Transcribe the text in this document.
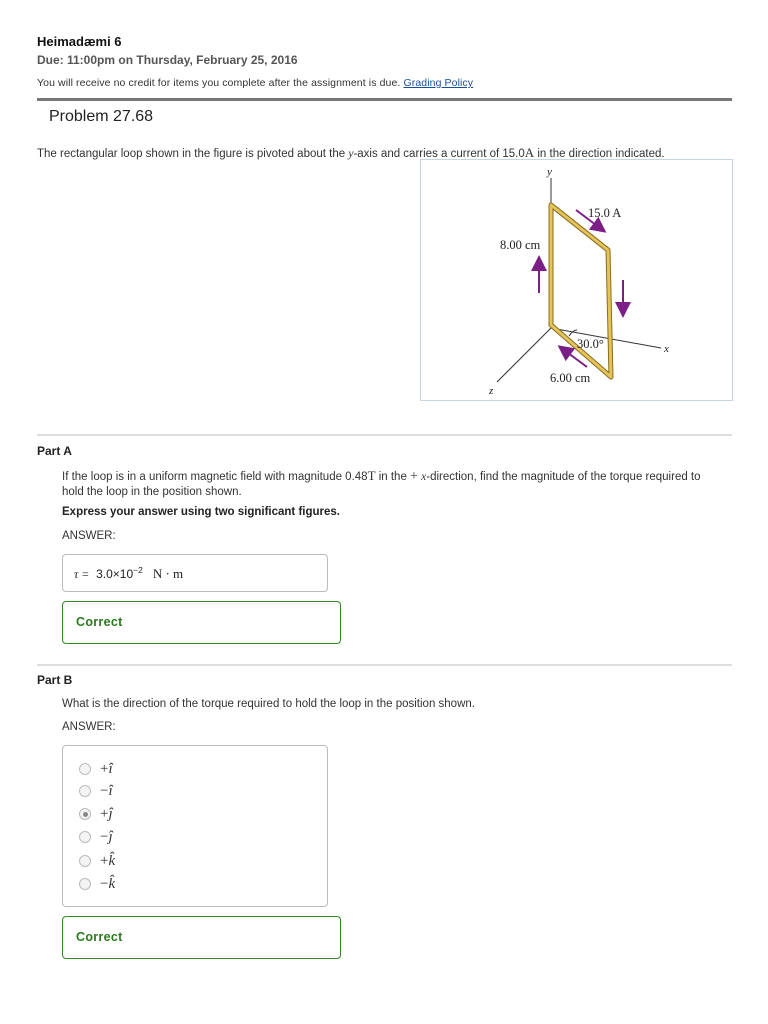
Heimadæmi 6
Due: 11:00pm on Thursday, February 25, 2016
You will receive no credit for items you complete after the assignment is due. Grading Policy
Problem 27.68
The rectangular loop shown in the figure is pivoted about the y-axis and carries a current of 15.0A in the direction indicated.
y
x
z
15.0 A
8.00 cm
30.0°
6.00 cm
Part A
If the loop is in a uniform magnetic field with magnitude 0.48T in the + x-direction, find the magnitude of the torque required to hold the loop in the position shown.
Express your answer using two significant figures.
ANSWER:
$\tau = 3.0\times 10^{-2}$ N · m
Correct
Part B
What is the direction of the torque required to hold the loop in the position shown.
ANSWER:
+î
−î
+ĵ
−ĵ
+k̂
−k̂
Correct
